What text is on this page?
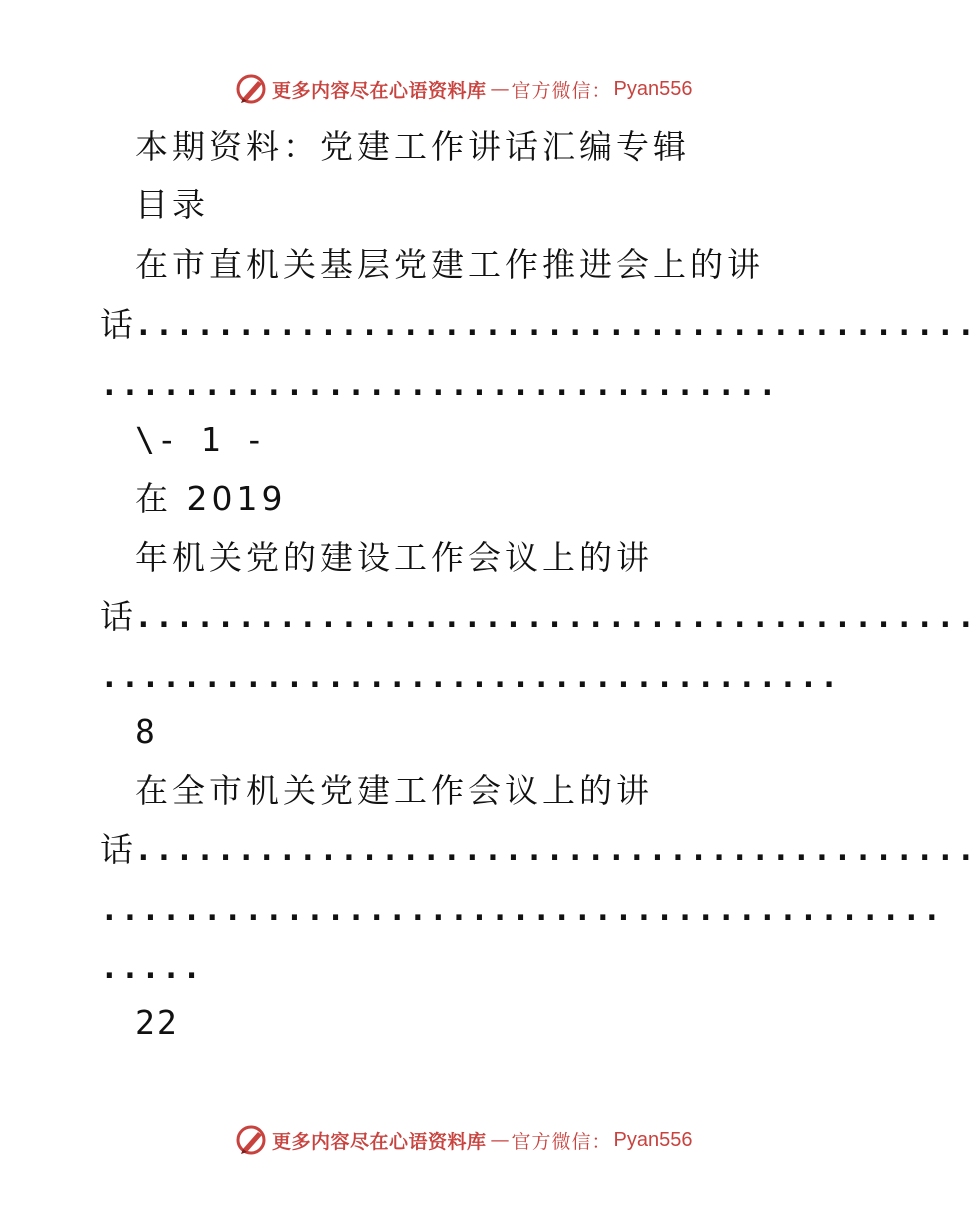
更多内容尽在心语资料库 — 官方微信： Pyan556
本期资料：党建工作讲话汇编专辑
目录
在市直机关基层党建工作推进会上的讲
话
.........................................
.................................
\- 1 -
在 2019
年机关党的建设工作会议上的讲
话
.........................................
....................................
8
在全市机关党建工作会议上的讲
话
.........................................
.........................................
.....
22
更多内容尽在心语资料库 — 官方微信： Pyan556
